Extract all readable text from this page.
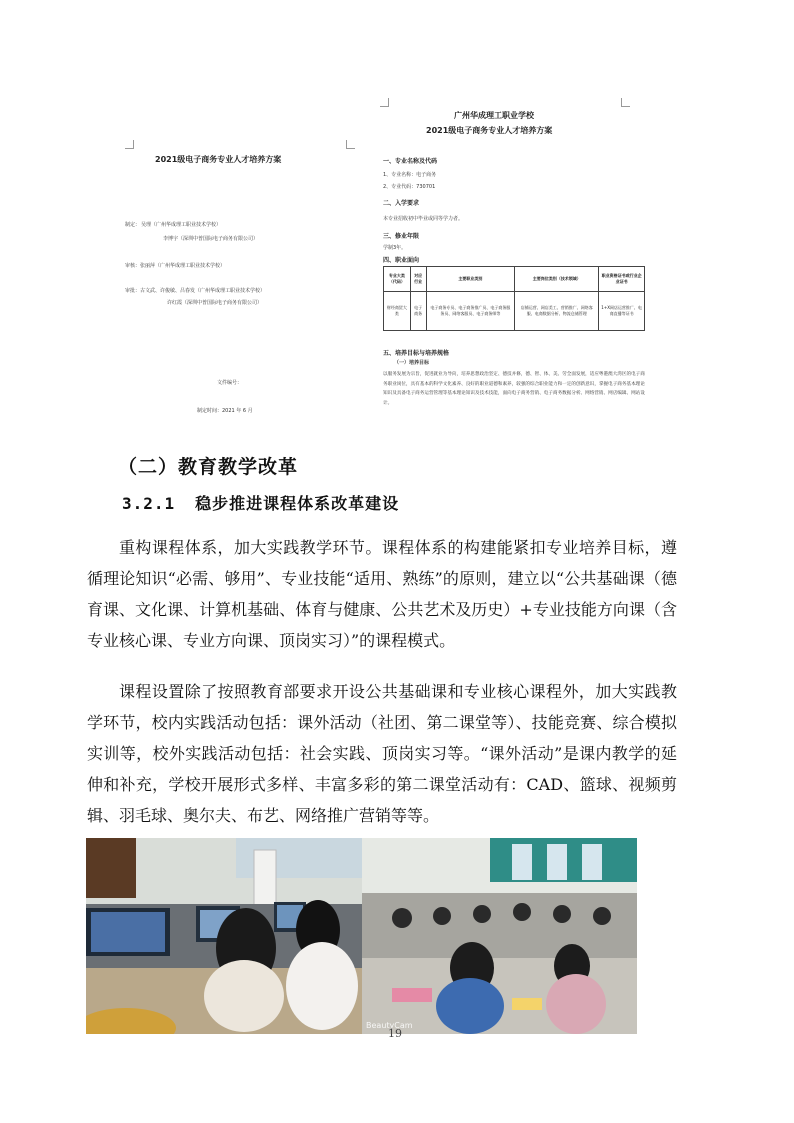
2021级电子商务专业人才培养方案
制定： 吴理（广州华成理工职业技术学校）
李博宇（深圳中普国际电子商务有限公司）
审核：张丽萍（广州华成理工职业技术学校）
审批：古文武、许俊敏、吕春发（广州华成理工职业技术学校）
许红霞（深圳中普国际电子商务有限公司）
文件编号：
制定时间：2021 年 6 月
广州华成理工职业学校
2021级电子商务专业人才培养方案
一、专业名称及代码
1、专业名称：电子商务
2、专业代码：730701
二、入学要求
本专业招收初中毕业或同等学力者。
三、修业年限
学制3年。
四、职业面向
专业大类（代码）	对应行业	主要职业类别	主要岗位类别（技术领域）	职业资格证书或行业企业证书
财经商贸大类	电子商务	电子商务专员、电子商务推广员、电子商务服务员、网络客服员、电子商务师等	店铺运营、网店美工、营销推广、网络客服、电商数据分析、物流仓储管理	1+X网店运营推广、电商直播等证书
五、培养目标与培养规格
（一）培养目标
以服务发展为宗旨，促进就业为导向，培养思想政治坚定、德技并修，德、智、体、美、劳全面发展，适应粤港澳大湾区的电子商务职业岗位，具有基本的科学文化素养、良好的职业道德和素养，较强的综合职业能力和一定的创新意识，掌握电子商务基本理论知识及具备电子商务运营管理等基本理论知识及技术技能，面向电子商务营销、电子商务数据分析、网络营销、网店编辑、网站设计。
（二）教育教学改革
3.2.1 稳步推进课程体系改革建设
重构课程体系，加大实践教学环节。课程体系的构建能紧扣专业培养目标，遵循理论知识“必需、够用”、专业技能“适用、熟练”的原则，建立以“公共基础课（德育课、文化课、计算机基础、体育与健康、公共艺术及历史）+专业技能方向课（含专业核心课、专业方向课、顶岗实习）”的课程模式。
课程设置除了按照教育部要求开设公共基础课和专业核心课程外，加大实践教学环节，校内实践活动包括：课外活动（社团、第二课堂等）、技能竞赛、综合模拟实训等，校外实践活动包括：社会实践、顶岗实习等。“课外活动”是课内教学的延伸和补充，学校开展形式多样、丰富多彩的第二课堂活动有：CAD、篮球、视频剪辑、羽毛球、奥尔夫、布艺、网络推广营销等等。
BeautyCam
19
